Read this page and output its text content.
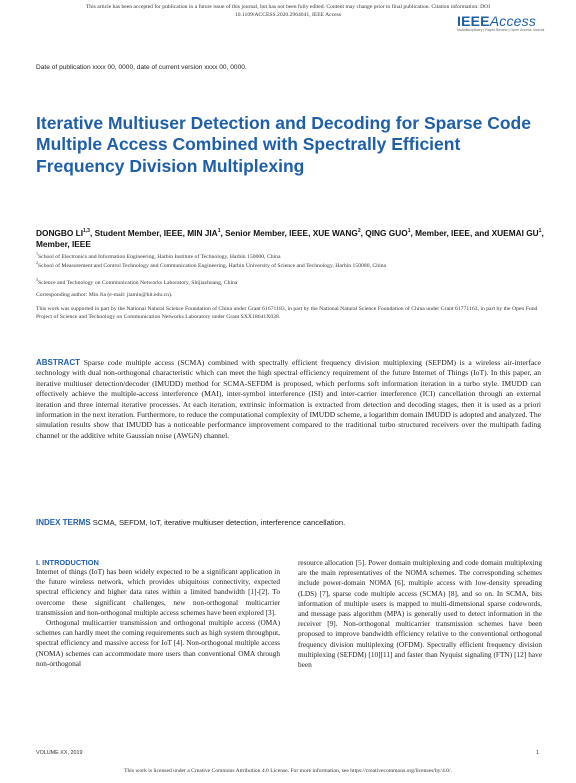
This article has been accepted for publication in a future issue of this journal, but has not been fully edited. Content may change prior to final publication. Citation information: DOI
10.1109/ACCESS.2020.2964041, IEEE Access	IEEEAccess
Multidisciplinary | Rapid Review | Open Access Journal
Date of publication xxxx 00, 0000, date of current version xxxx 00, 0000.
Iterative Multiuser Detection and Decoding for Sparse Code Multiple Access Combined with Spectrally Efficient Frequency Division Multiplexing
DONGBO LI$^{1,3}$, Student Member, IEEE, MIN JIA$^1$, Senior Member, IEEE, XUE WANG$^2$, QING GUO$^1$, Member, IEEE, and XUEMAI $GU^1$, Member, IEEE
$^1$School of Electronics and Information Engineering, Harbin Institute of Technology, Harbin 150000, China
$^2$School of Measurement and Control Technology and Communication Engineering, Harbin University of Science and Technology, Harbin 150080, China
$^3$Science and Technology on Communication Networks Laboratory, Shijiazhuang, China
Corresponding author: Min Jia (e-mail: jiamin@hit.edu.cn).
This work was supported in part by the National Natural Science Foundation of China under Grant 61671183, in part by the National Natural Science Foundation of China under Grant 61771163, in part by the Open Fund Project of Science and Technology on Communication Networks Laboratory under Grant SXX18641X028.

ABSTRACT Sparse code multiple access (SCMA) combined with spectrally efficient frequency division multiplexing (SEFDM) is a wireless air-interface technology with dual non-orthogonal characteristic which can meet the high spectral efficiency requirement of the future Internet of Things (IoT). In this paper, an iterative multiuser detection/decoder (IMUDD) method for SCMA-SEFDM is proposed, which performs soft information iteration in a turbo style. IMUDD can effectively achieve the multiple-access interference (MAI), inter-symbol interference (ISI) and inter-carrier interference (ICI) cancellation through an external iteration and three internal iterative processes. At each iteration, extrinsic information is extracted from detection and decoding stages, then it is used as a priori information in the next iteration. Furthermore, to reduce the computational complexity of IMUDD scheme, a logarithm domain IMUDD is adopted and analyzed. The simulation results show that IMUDD has a noticeable performance improvement compared to the traditional turbo structured receivers over the multipath fading channel or the additive white Gaussian noise (AWGN) channel.

INDEX TERMS SCMA, SEFDM, IoT, iterative multiuser detection, interference cancellation.

I. INTRODUCTION
Internet of things (IoT) has been widely expected to be a significant application in the future wireless network, which provides ubiquitous connectivity, expected spectral efficiency and higher data rates within a limited bandwidth [1]-[2]. To overcome these significant challenges, new non-orthogonal multicarrier transmission and non-orthogonal multiple access schemes have been explored [3].
Orthogonal multicarrier transmission and orthogonal multiple access (OMA) schemes can hardly meet the coming requirements such as high system throughput, spectral efficiency and massive access for IoT [4]. Non-orthogonal multiple access (NOMA) schemes can accommodate more users than conventional OMA through non-orthogonal
resource allocation [5]. Power domain multiplexing and code domain multiplexing are the main representatives of the NOMA schemes. The corresponding schemes include power-domain NOMA [6], multiple access with low-density spreading (LDS) [7], sparse code multiple access (SCMA) [8], and so on. In SCMA, bits information of multiple users is mapped to multi-dimensional sparse codewords, and message pass algorithm (MPA) is generally used to detect information in the receiver [9]. Non-orthogonal multicarrier transmission schemes have been proposed to improve bandwidth efficiency relative to the conventional orthogonal frequency division multiplexing (OFDM). Spectrally efficient frequency division multiplexing (SEFDM) [10][11] and faster than Nyquist signaling (FTN) [12] have been
VOLUME XX, 2019	1
This work is licensed under a Creative Commons Attribution 4.0 License. For more information, see https://creativecommons.org/licenses/by/4.0/.
